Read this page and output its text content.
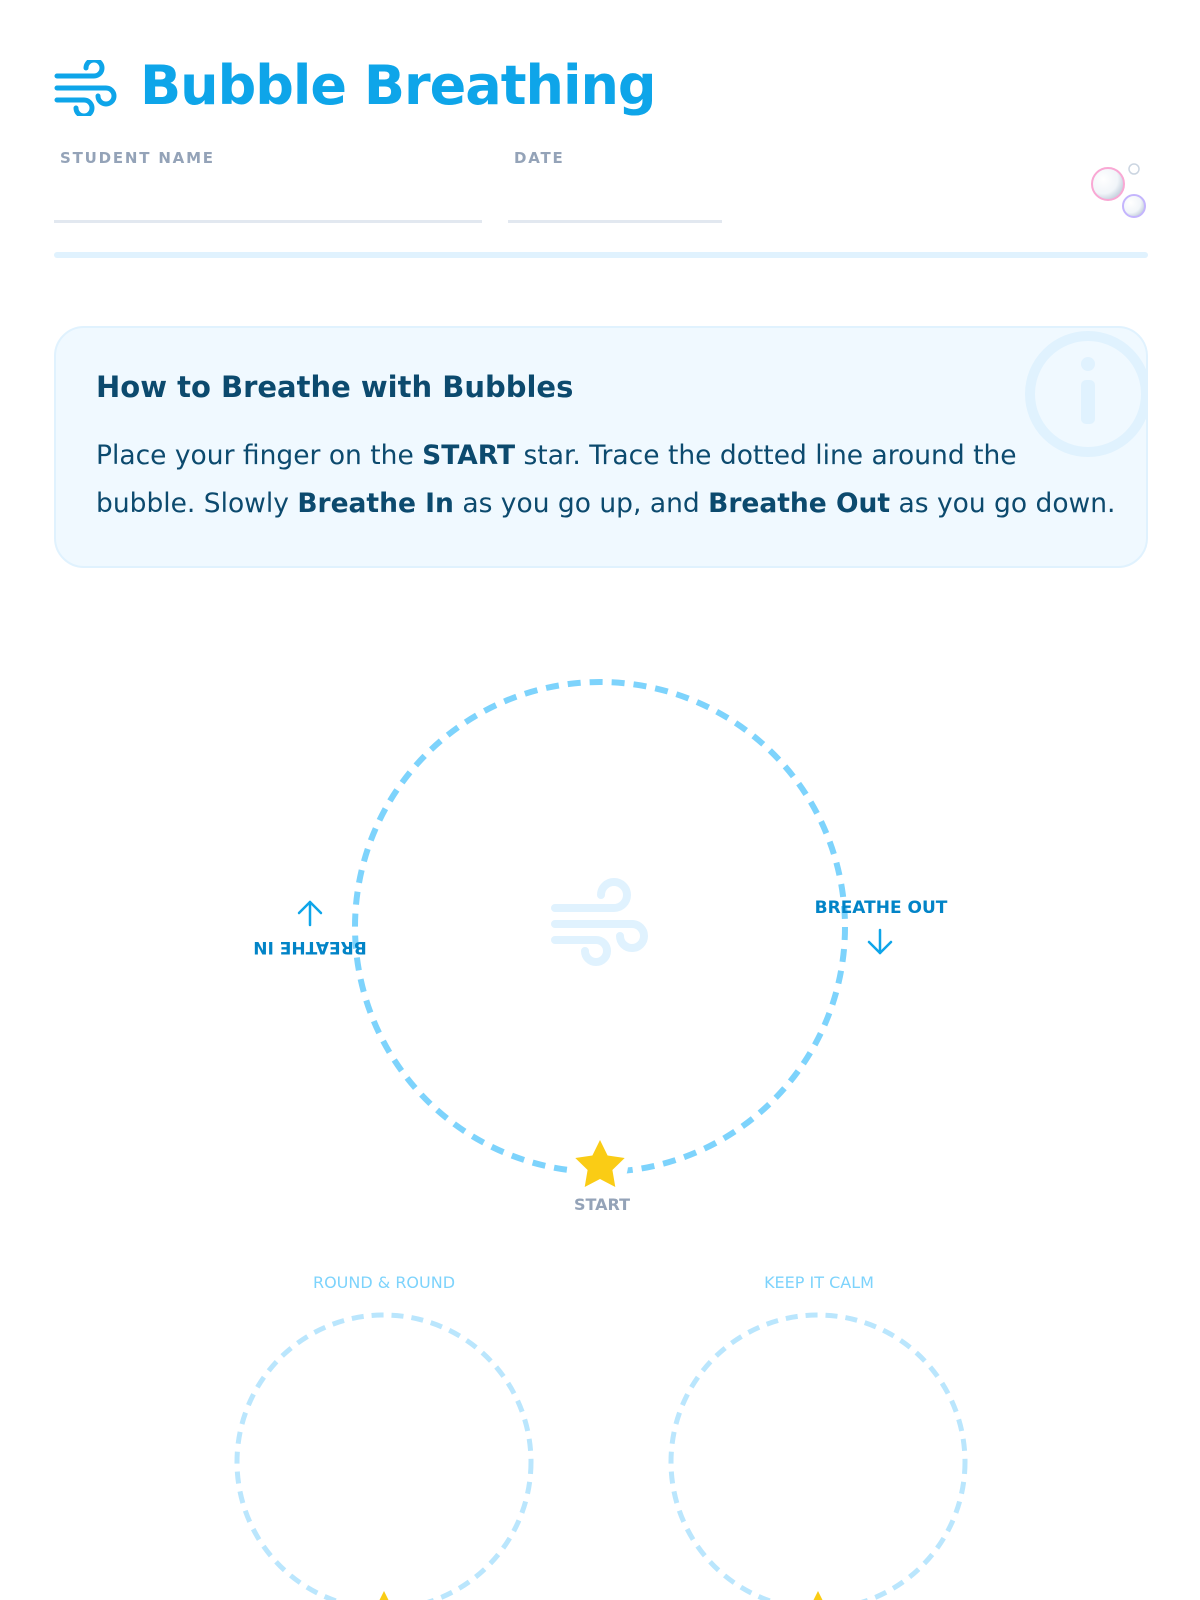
Bubble Breathing
STUDENT NAME	DATE
How to Breathe with Bubbles

Place your finger on the START star. Trace the dotted line around the bubble. Slowly Breathe In as you go up, and Breathe Out as you go down.

BREATHE IN
BREATHE OUT
START
ROUND & ROUND	KEEP IT CALM
